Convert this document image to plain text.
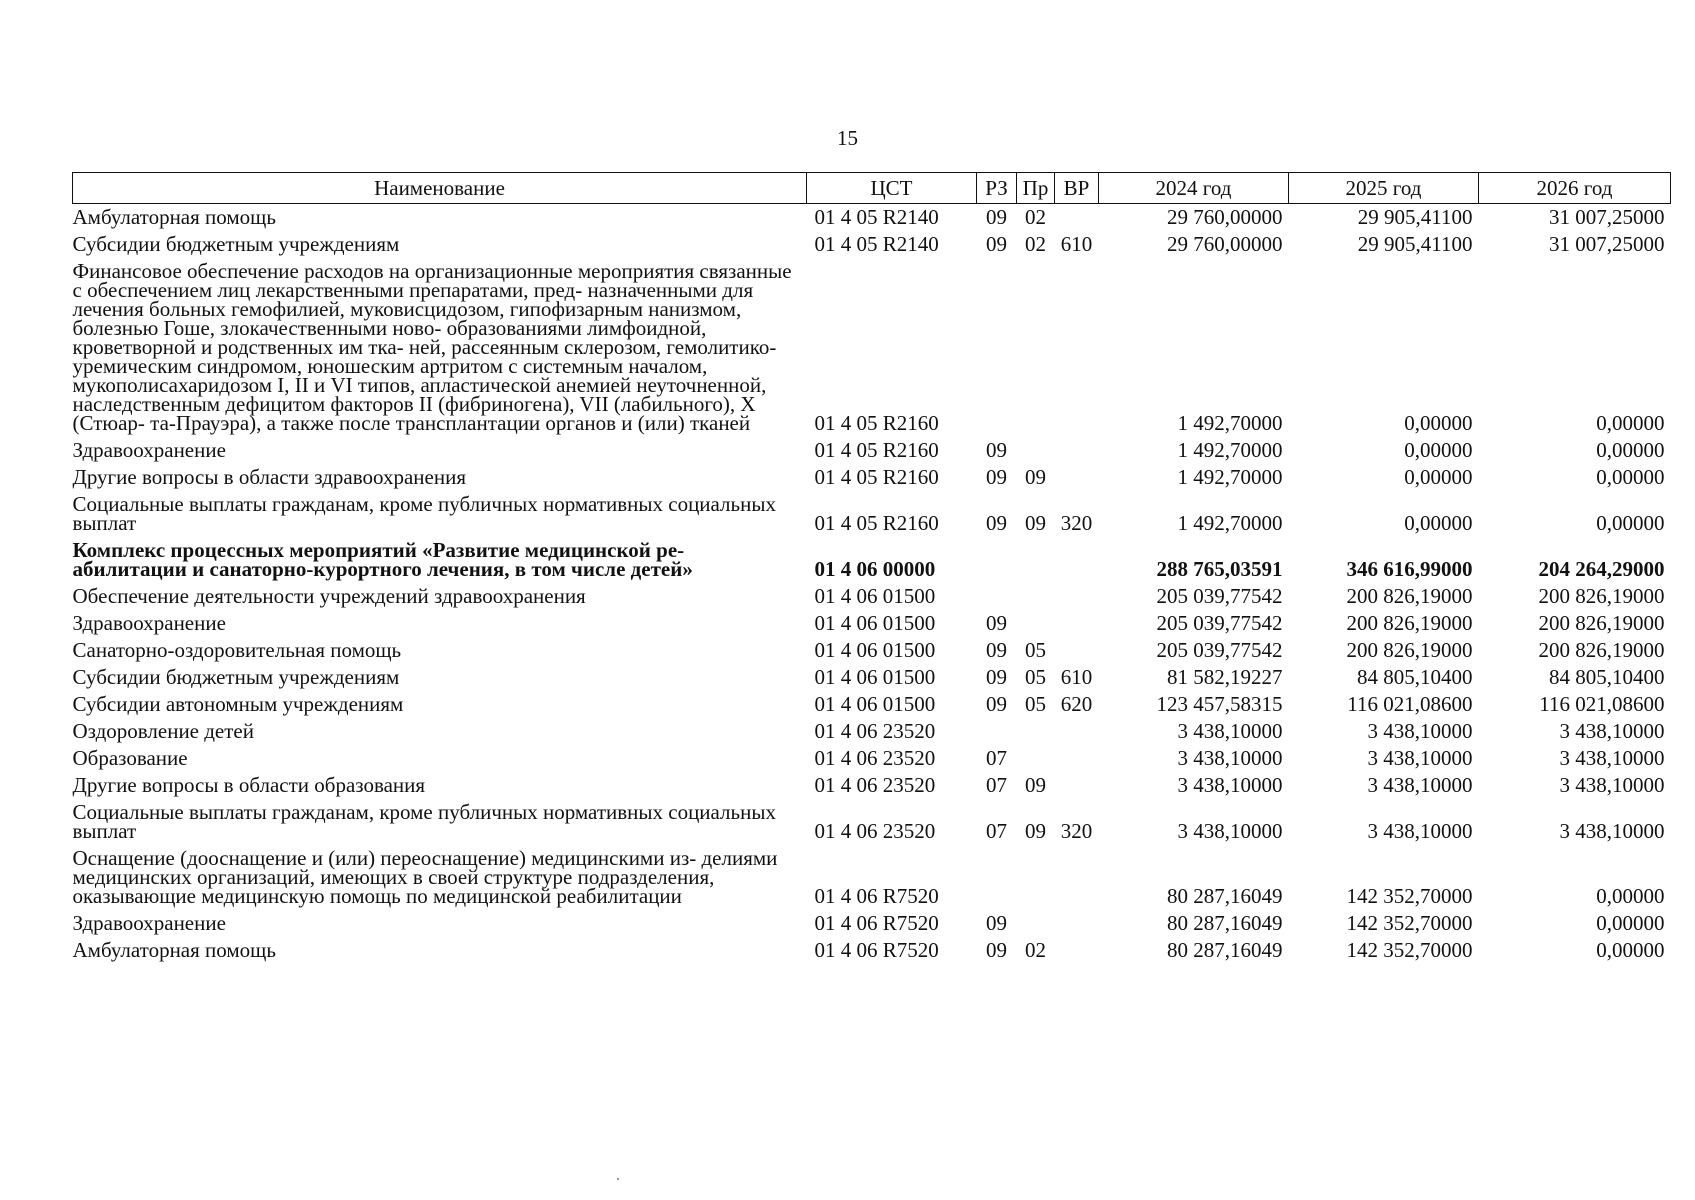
15
Наименование	ЦСТ	РЗ	Пр	ВР	2024 год	2025 год	2026 год
Амбулаторная помощь	01 4 05 R2140	09	02		29 760,00000	29 905,41100	31 007,25000
Субсидии бюджетным учреждениям	01 4 05 R2140	09	02	610	29 760,00000	29 905,41100	31 007,25000
Финансовое обеспечение расходов на организационные мероприятия связанные с обеспечением лиц лекарственными препаратами, пред- назначенными для лечения больных гемофилией, муковисцидозом, гипофизарным нанизмом, болезнью Гоше, злокачественными ново- образованиями лимфоидной, кроветворной и родственных им тка- ней, рассеянным склерозом, гемолитико-уремическим синдромом, юношеским артритом с системным началом, мукополисахаридозом I, II и VI типов, апластической анемией неуточненной, наследственным дефицитом факторов II (фибриногена), VII (лабильного), X (Стюар- та-Прауэра), а также после трансплантации органов и (или) тканей	01 4 05 R2160				1 492,70000	0,00000	0,00000
Здравоохранение	01 4 05 R2160	09			1 492,70000	0,00000	0,00000
Другие вопросы в области здравоохранения	01 4 05 R2160	09	09		1 492,70000	0,00000	0,00000
Социальные выплаты гражданам, кроме публичных нормативных социальных выплат	01 4 05 R2160	09	09	320	1 492,70000	0,00000	0,00000
Комплекс процессных мероприятий «Развитие медицинской ре- абилитации и санаторно-курортного лечения, в том числе детей»	01 4 06 00000				288 765,03591	346 616,99000	204 264,29000
Обеспечение деятельности учреждений здравоохранения	01 4 06 01500				205 039,77542	200 826,19000	200 826,19000
Здравоохранение	01 4 06 01500	09			205 039,77542	200 826,19000	200 826,19000
Санаторно-оздоровительная помощь	01 4 06 01500	09	05		205 039,77542	200 826,19000	200 826,19000
Субсидии бюджетным учреждениям	01 4 06 01500	09	05	610	81 582,19227	84 805,10400	84 805,10400
Субсидии автономным учреждениям	01 4 06 01500	09	05	620	123 457,58315	116 021,08600	116 021,08600
Оздоровление детей	01 4 06 23520				3 438,10000	3 438,10000	3 438,10000
Образование	01 4 06 23520	07			3 438,10000	3 438,10000	3 438,10000
Другие вопросы в области образования	01 4 06 23520	07	09		3 438,10000	3 438,10000	3 438,10000
Социальные выплаты гражданам, кроме публичных нормативных социальных выплат	01 4 06 23520	07	09	320	3 438,10000	3 438,10000	3 438,10000
Оснащение (дооснащение и (или) переоснащение) медицинскими из- делиями медицинских организаций, имеющих в своей структуре подразделения, оказывающие медицинскую помощь по медицинской реабилитации	01 4 06 R7520				80 287,16049	142 352,70000	0,00000
Здравоохранение	01 4 06 R7520	09			80 287,16049	142 352,70000	0,00000
Амбулаторная помощь	01 4 06 R7520	09	02		80 287,16049	142 352,70000	0,00000
